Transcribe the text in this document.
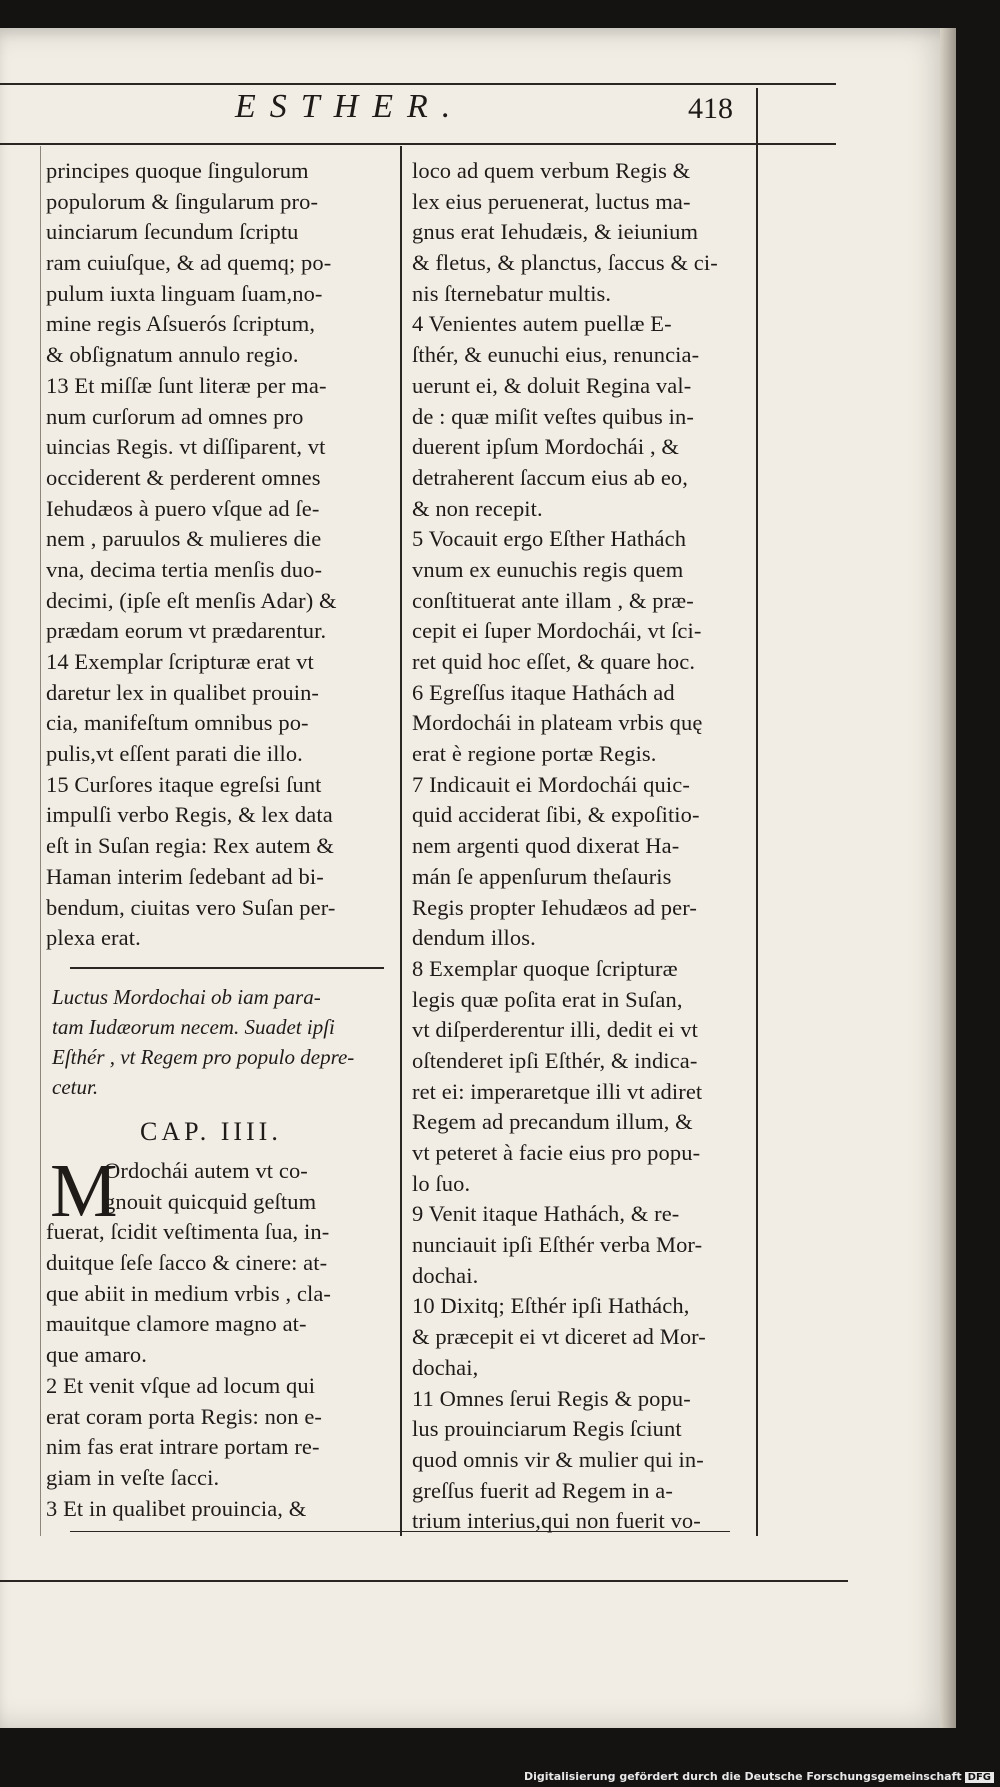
ESTHER.	418
principes quoque ſingulorum
populorum & ſingularum pro-
uinciarum ſecundum ſcriptu
ram cuiuſque, & ad quemq; po-
pulum iuxta linguam ſuam,no-
mine regis Aſsuerós ſcriptum,
& obſignatum annulo regio.
13 Et miſſæ ſunt literæ per ma-
num curſorum ad omnes pro
uincias Regis. vt diſſiparent, vt
occiderent & perderent omnes
Iehudæos à puero vſque ad ſe-
nem , paruulos & mulieres die
vna, decima tertia menſis duo-
decimi, (ipſe eſt menſis Adar) &
prædam eorum vt prædarentur.
14 Exemplar ſcripturæ erat vt
daretur lex in qualibet prouin-
cia, manifeſtum omnibus po-
pulis,vt eſſent parati die illo.
15 Curſores itaque egreſsi ſunt
impulſi verbo Regis, & lex data
eſt in Suſan regia: Rex autem &
Haman interim ſedebant ad bi-
bendum, ciuitas vero Suſan per-
plexa erat.
Luctus Mordochai ob iam para-
tam Iudæorum necem. Suadet ipſi
Eſthér , vt Regem pro populo depre-
cetur.
CAP. IIII.
M
Ordochái autem vt co-
gnouit quicquid geſtum
fuerat, ſcidit veſtimenta ſua, in-
duitque ſeſe ſacco & cinere: at-
que abiit in medium vrbis , cla-
mauitque clamore magno at-
que amaro.
2 Et venit vſque ad locum qui
erat coram porta Regis: non e-
nim fas erat intrare portam re-
giam in veſte ſacci.
3 Et in qualibet prouincia, &
loco ad quem verbum Regis &
lex eius peruenerat, luctus ma-
gnus erat Iehudæis, & ieiunium
& fletus, & planctus, ſaccus & ci-
nis ſternebatur multis.
4 Venientes autem puellæ E-
ſthér, & eunuchi eius, renuncia-
uerunt ei, & doluit Regina val-
de : quæ miſit veſtes quibus in-
duerent ipſum Mordochái , &
detraherent ſaccum eius ab eo,
& non recepit.
5 Vocauit ergo Eſther Hathách
vnum ex eunuchis regis quem
conſtituerat ante illam , & præ-
cepit ei ſuper Mordochái, vt ſci-
ret quid hoc eſſet, & quare hoc.
6 Egreſſus itaque Hathách ad
Mordochái in plateam vrbis quę
erat è regione portæ Regis.
7 Indicauit ei Mordochái quic-
quid acciderat ſibi, & expoſitio-
nem argenti quod dixerat Ha-
mán ſe appenſurum theſauris
Regis propter Iehudæos ad per-
dendum illos.
8 Exemplar quoque ſcripturæ
legis quæ poſita erat in Suſan,
vt diſperderentur illi, dedit ei vt
oſtenderet ipſi Eſthér, & indica-
ret ei: imperaretque illi vt adiret
Regem ad precandum illum, &
vt peteret à facie eius pro popu-
lo ſuo.
9 Venit itaque Hathách, & re-
nunciauit ipſi Eſthér verba Mor-
dochai.
10 Dixitq; Eſthér ipſi Hathách,
& præcepit ei vt diceret ad Mor-
dochai,
11 Omnes ſerui Regis & popu-
lus prouinciarum Regis ſciunt
quod omnis vir & mulier qui in-
greſſus fuerit ad Regem in a-
trium interius,qui non fuerit vo-
Digitalisierung gefördert durch die Deutsche Forschungsgemeinschaft DFG
